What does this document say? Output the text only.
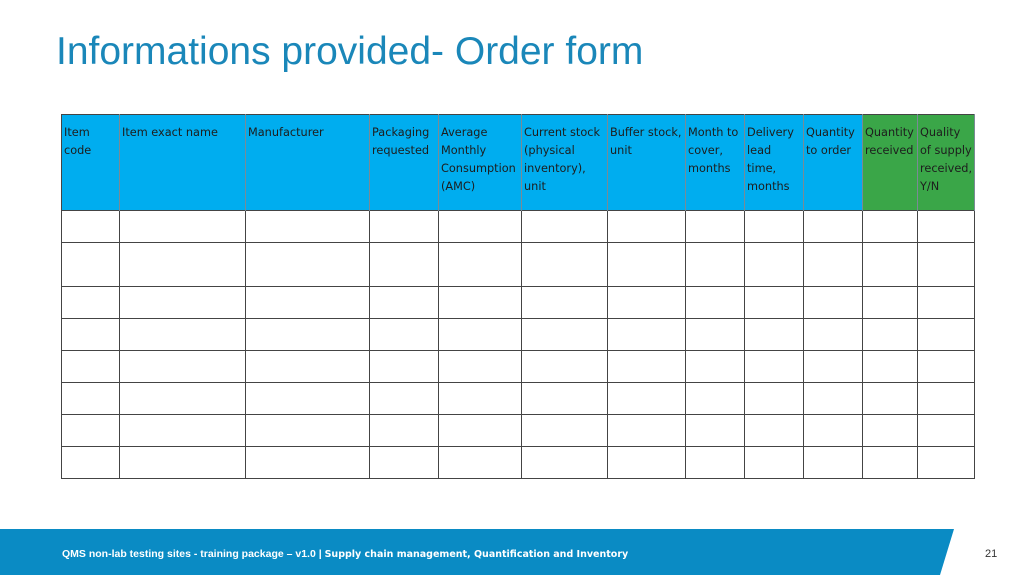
Informations provided- Order form
Item code	Item exact name	Manufacturer	Packaging requested	Average Monthly Consumption (AMC)	Current stock (physical inventory), unit	Buffer stock, unit	Month to cover, months	Delivery lead time, months	Quantity to order	Quantity received	Quality of supply received, Y/N

QMS non-lab testing sites - training package – v1.0 | Supply chain management, Quantification and Inventory	21
